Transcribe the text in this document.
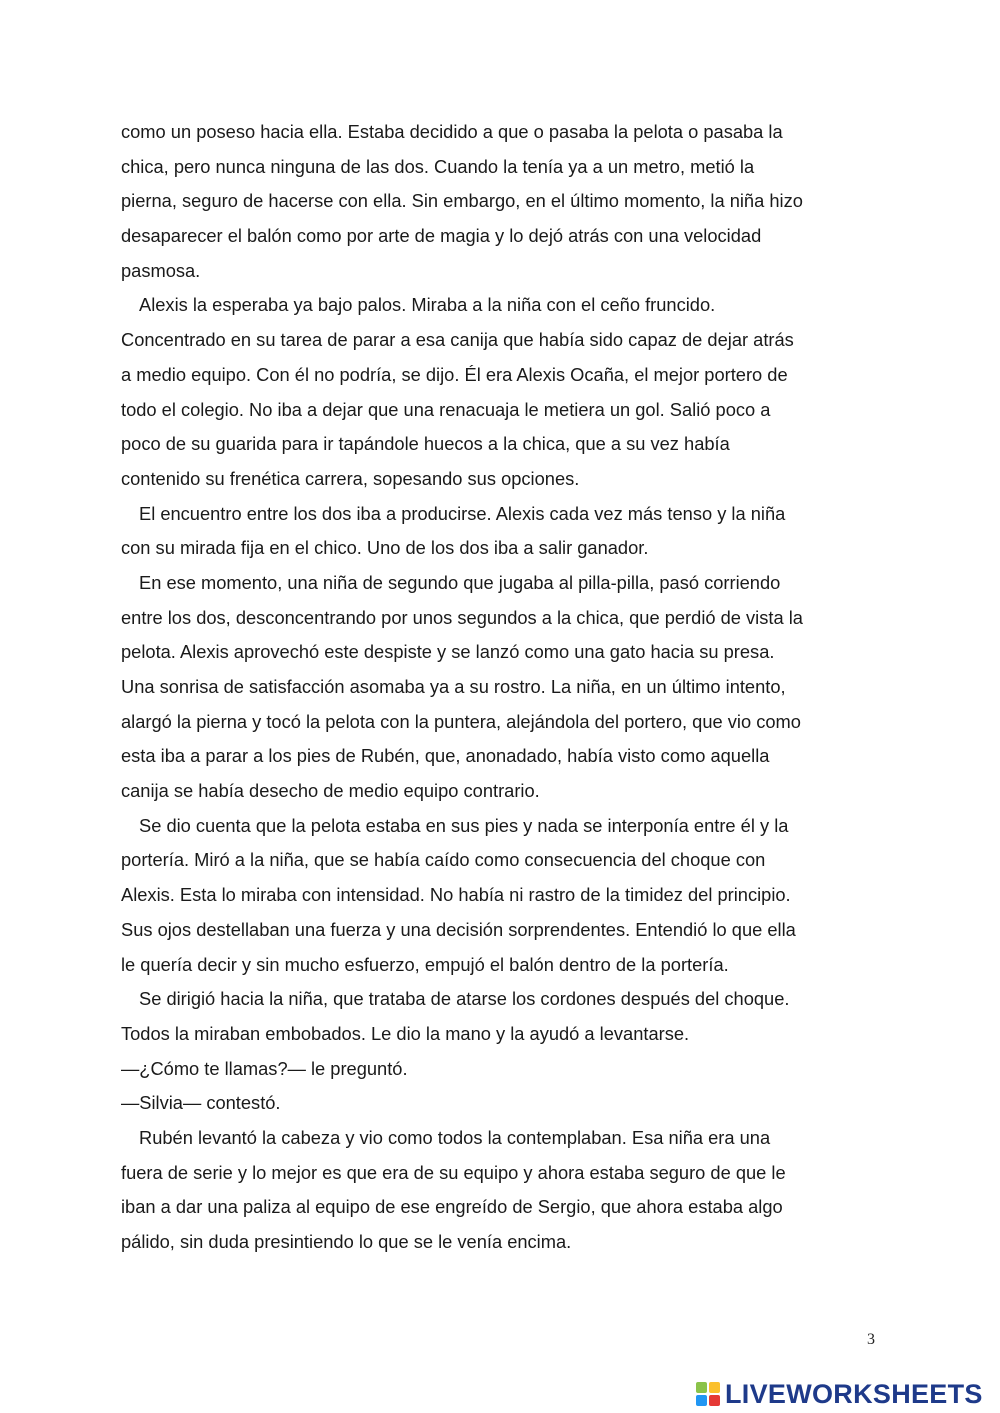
como un poseso hacia ella. Estaba decidido a que o pasaba la pelota o pasaba la
chica, pero nunca ninguna de las dos. Cuando la tenía ya a un metro, metió la
pierna, seguro de hacerse con ella. Sin embargo, en el último momento, la niña hizo
desaparecer el balón como por arte de magia y lo dejó atrás con una velocidad
pasmosa.
Alexis la esperaba ya bajo palos. Miraba a la niña con el ceño fruncido.
Concentrado en su tarea de parar a esa canija que había sido capaz de dejar atrás
a medio equipo. Con él no podría, se dijo. Él era Alexis Ocaña, el mejor portero de
todo el colegio. No iba a dejar que una renacuaja le metiera un gol. Salió poco a
poco de su guarida para ir tapándole huecos a la chica, que a su vez había
contenido su frenética carrera, sopesando sus opciones.
El encuentro entre los dos iba a producirse. Alexis cada vez más tenso y la niña
con su mirada fija en el chico. Uno de los dos iba a salir ganador.
En ese momento, una niña de segundo que jugaba al pilla-pilla, pasó corriendo
entre los dos, desconcentrando por unos segundos a la chica, que perdió de vista la
pelota. Alexis aprovechó este despiste y se lanzó como una gato hacia su presa.
Una sonrisa de satisfacción asomaba ya a su rostro. La niña, en un último intento,
alargó la pierna y tocó la pelota con la puntera, alejándola del portero, que vio como
esta iba a parar a los pies de Rubén, que, anonadado, había visto como aquella
canija se había desecho de medio equipo contrario.
Se dio cuenta que la pelota estaba en sus pies y nada se interponía entre él y la
portería. Miró a la niña, que se había caído como consecuencia del choque con
Alexis. Esta lo miraba con intensidad. No había ni rastro de la timidez del principio.
Sus ojos destellaban una fuerza y una decisión sorprendentes. Entendió lo que ella
le quería decir y sin mucho esfuerzo, empujó el balón dentro de la portería.
Se dirigió hacia la niña, que trataba de atarse los cordones después del choque.
Todos la miraban embobados. Le dio la mano y la ayudó a levantarse.
—¿Cómo te llamas?— le preguntó.
—Silvia— contestó.
Rubén levantó la cabeza y vio como todos la contemplaban. Esa niña era una
fuera de serie y lo mejor es que era de su equipo y ahora estaba seguro de que le
iban a dar una paliza al equipo de ese engreído de Sergio, que ahora estaba algo
pálido, sin duda presintiendo lo que se le venía encima.
3
LIVEWORKSHEETS
